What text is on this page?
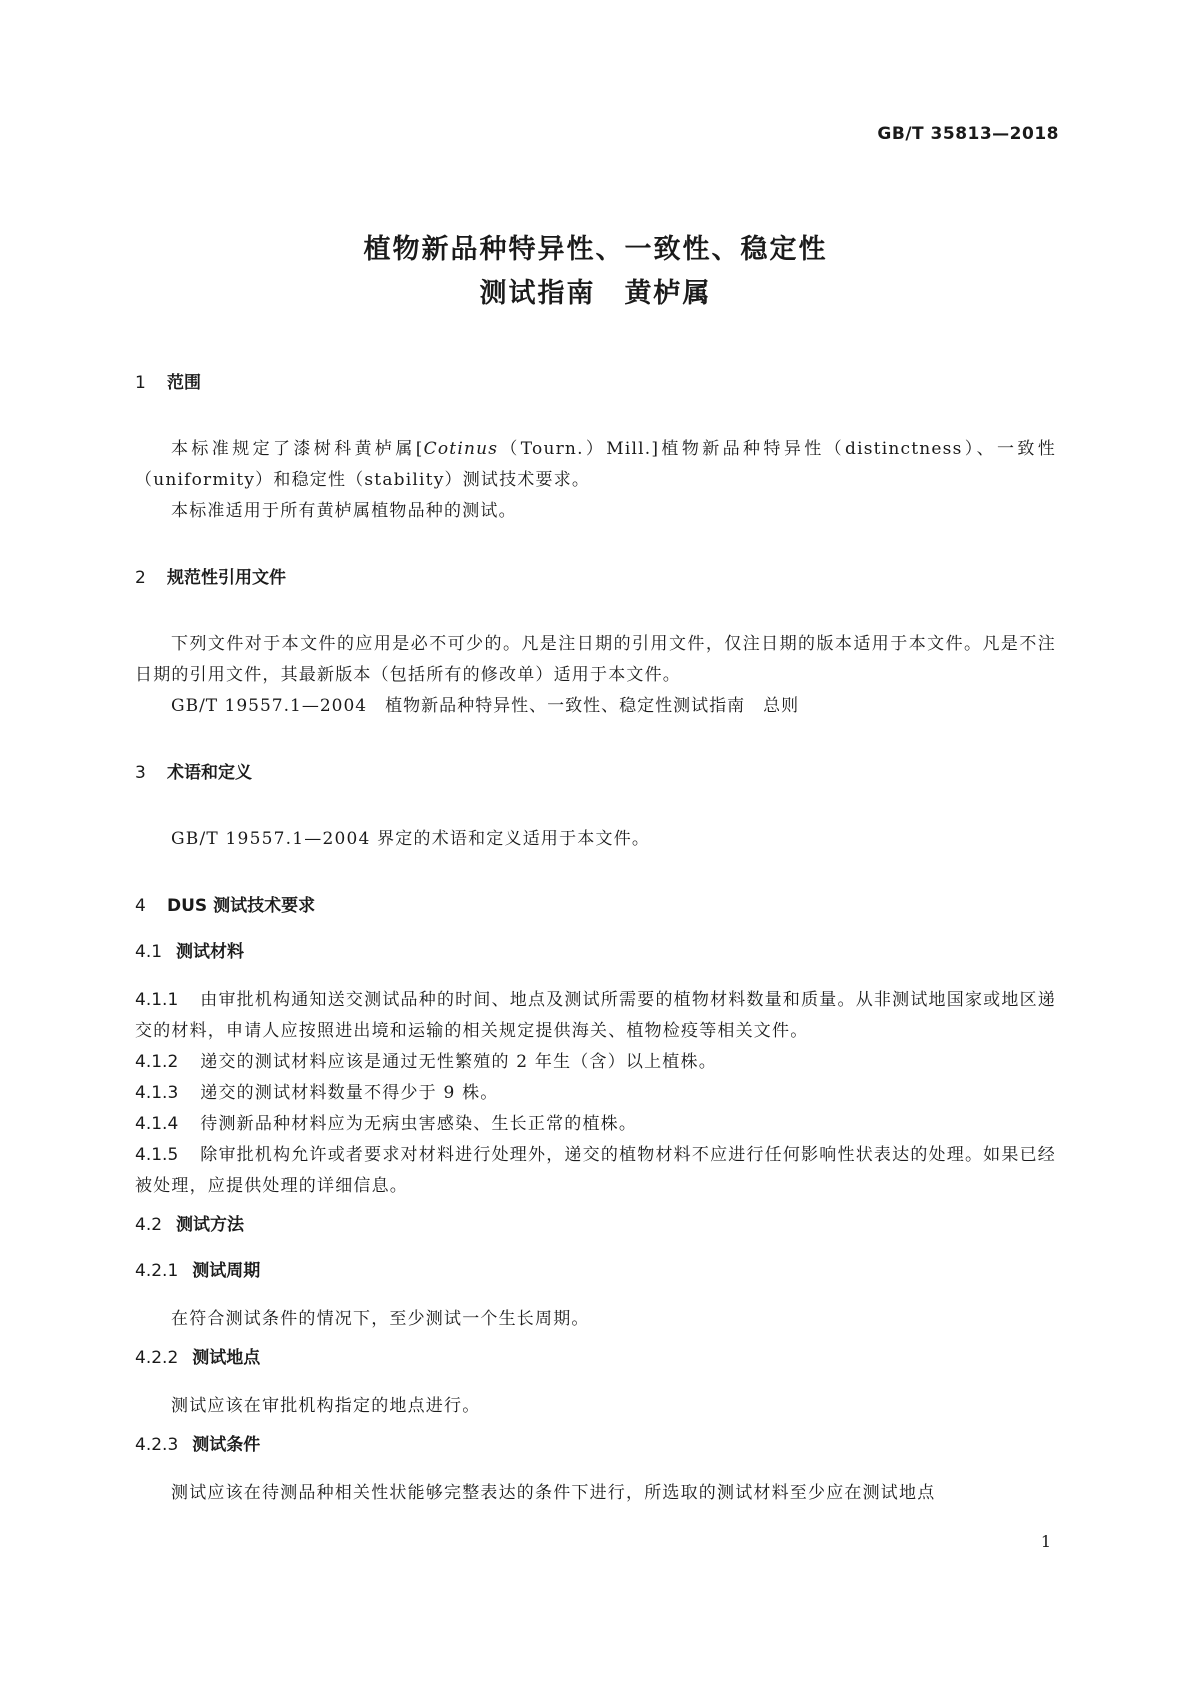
GB/T 35813—2018
植物新品种特异性、一致性、稳定性
测试指南　黄栌属
1 范围
本标准规定了漆树科黄栌属[Cotinus（Tourn.）Mill.]植物新品种特异性（distinctness）、一致性（uniformity）和稳定性（stability）测试技术要求。
本标准适用于所有黄栌属植物品种的测试。
2 规范性引用文件
下列文件对于本文件的应用是必不可少的。凡是注日期的引用文件，仅注日期的版本适用于本文件。凡是不注日期的引用文件，其最新版本（包括所有的修改单）适用于本文件。
GB/T 19557.1—2004 植物新品种特异性、一致性、稳定性测试指南　总则
3 术语和定义
GB/T 19557.1—2004 界定的术语和定义适用于本文件。
4 DUS 测试技术要求
4.1 测试材料
4.1.1 由审批机构通知送交测试品种的时间、地点及测试所需要的植物材料数量和质量。从非测试地国家或地区递交的材料，申请人应按照进出境和运输的相关规定提供海关、植物检疫等相关文件。
4.1.2 递交的测试材料应该是通过无性繁殖的 2 年生（含）以上植株。
4.1.3 递交的测试材料数量不得少于 9 株。
4.1.4 待测新品种材料应为无病虫害感染、生长正常的植株。
4.1.5 除审批机构允许或者要求对材料进行处理外，递交的植物材料不应进行任何影响性状表达的处理。如果已经被处理，应提供处理的详细信息。
4.2 测试方法
4.2.1 测试周期
在符合测试条件的情况下，至少测试一个生长周期。
4.2.2 测试地点
测试应该在审批机构指定的地点进行。
4.2.3 测试条件
测试应该在待测品种相关性状能够完整表达的条件下进行，所选取的测试材料至少应在测试地点
1
